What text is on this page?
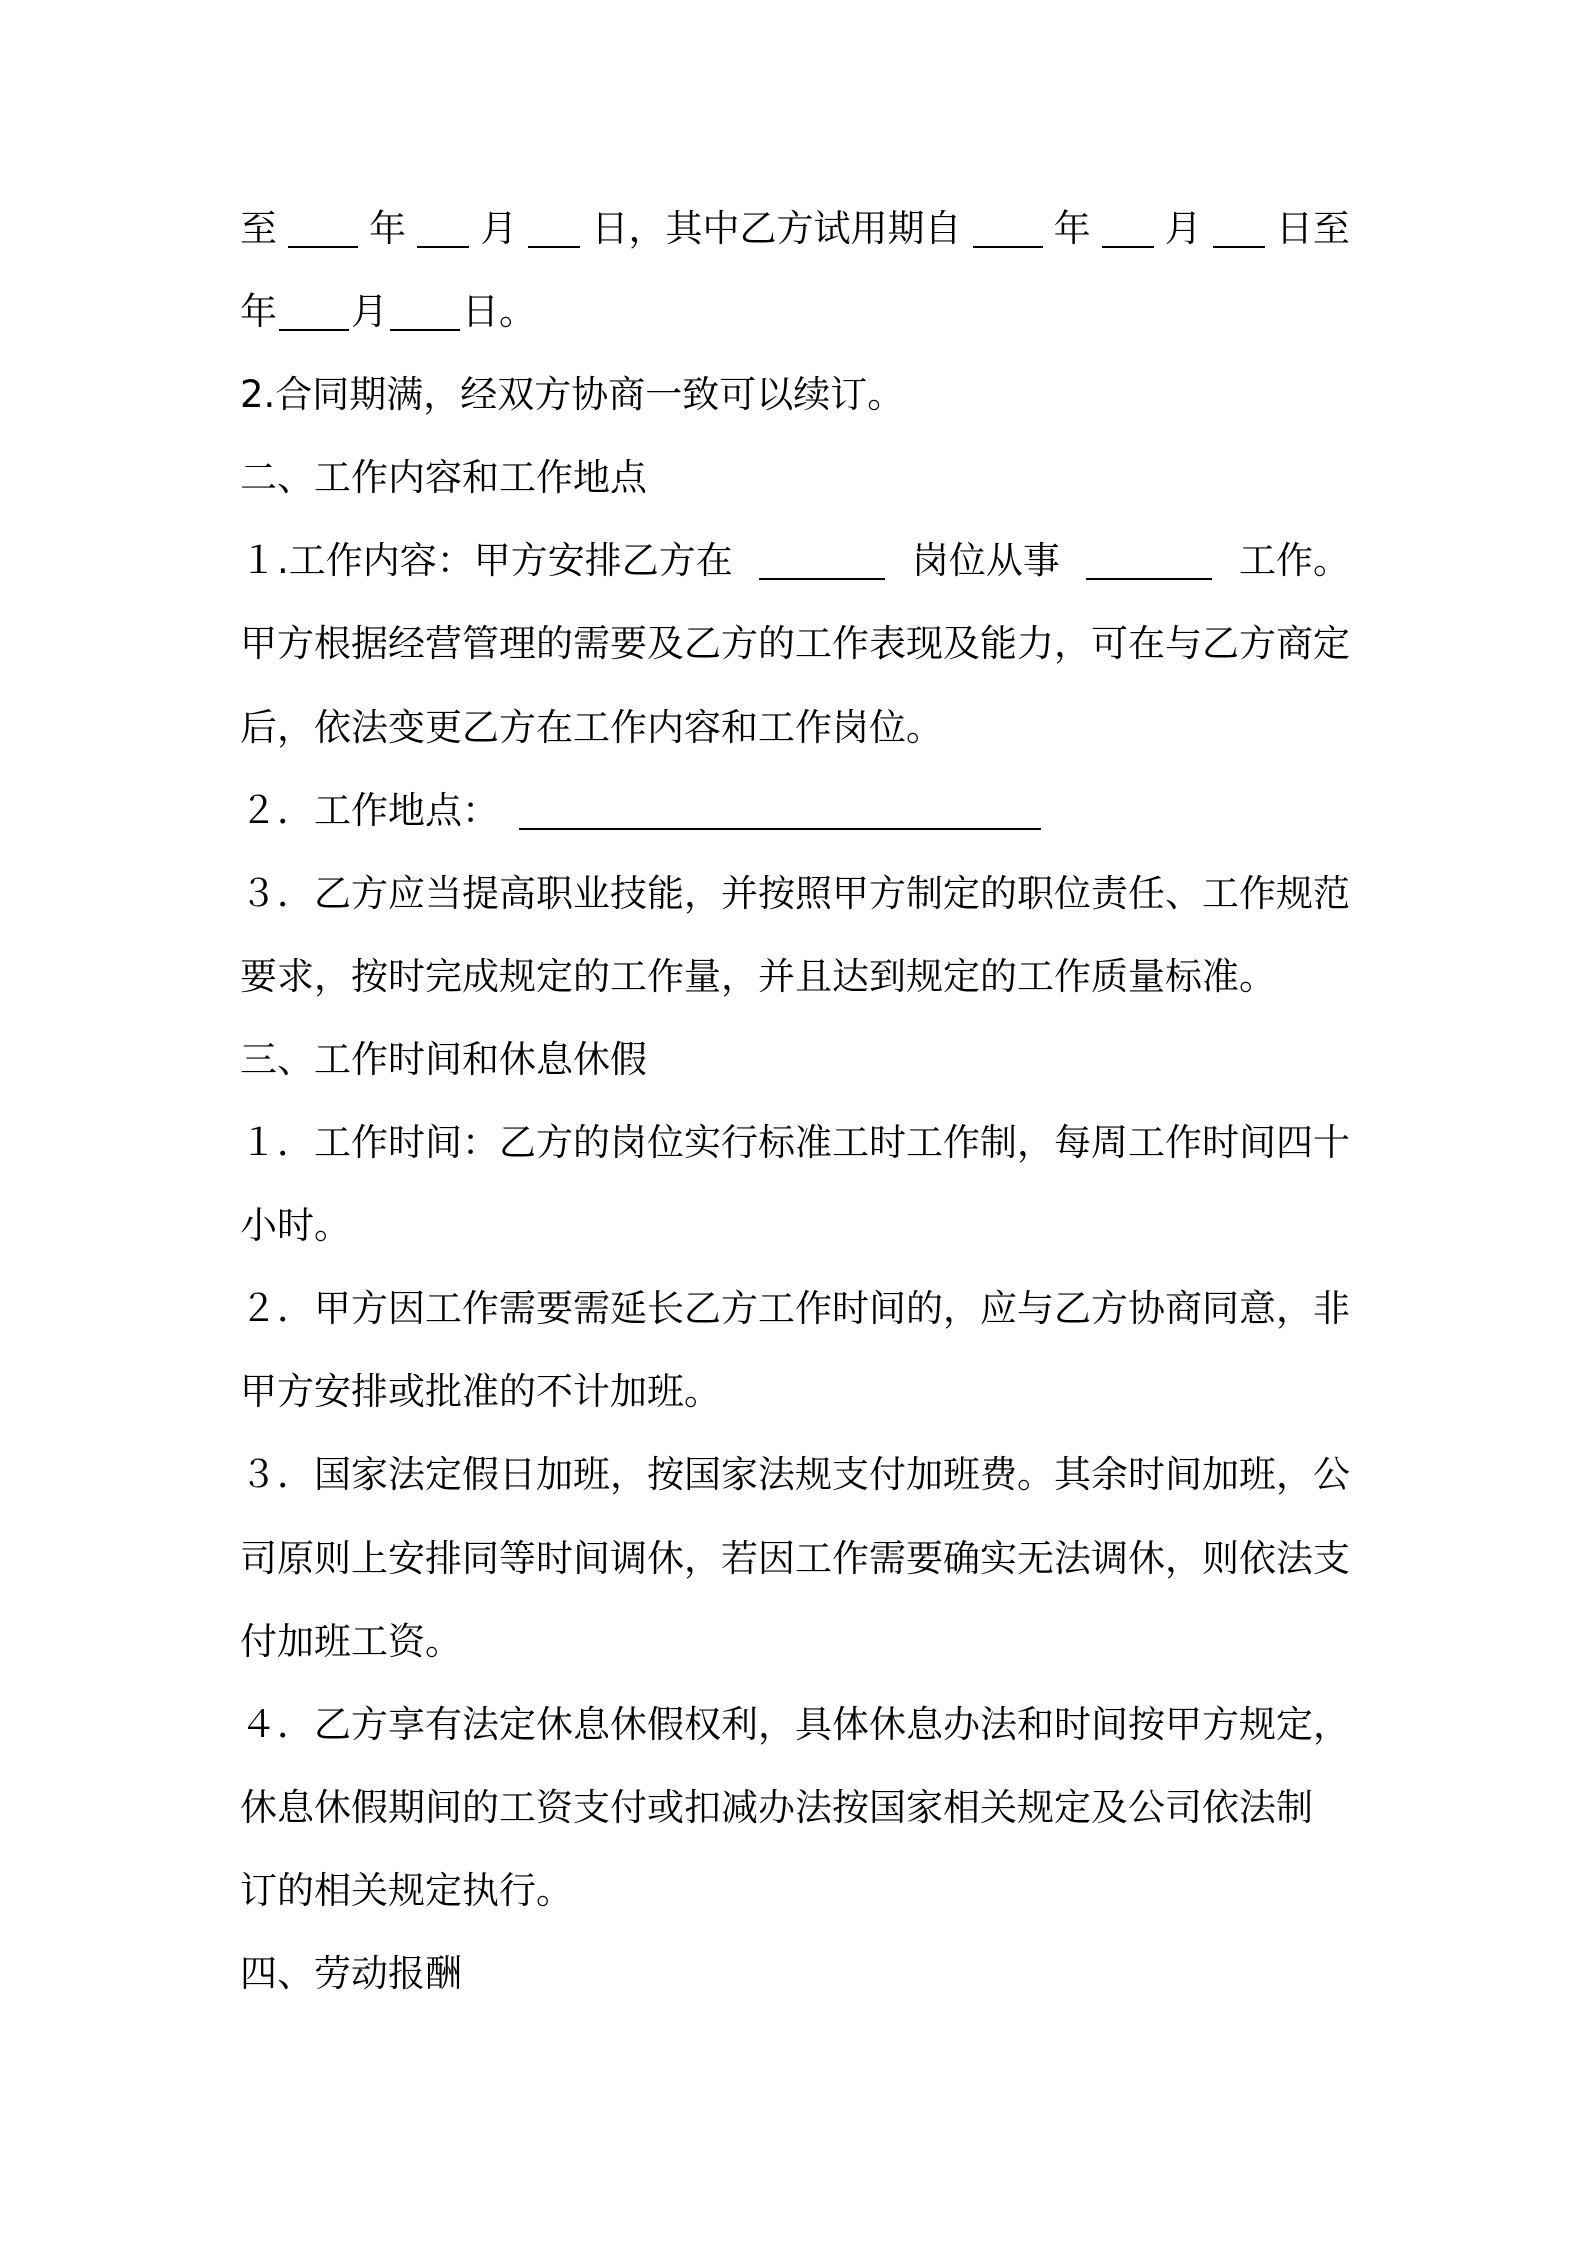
至 年 月 日，其中乙方试用期自 年 月 日至
年 月 日。
2.合同期满，经双方协商一致可以续订。
二、工作内容和工作地点
１.工作内容：甲方安排乙方在	岗位从事	工作。
甲方根据经营管理的需要及乙方的工作表现及能力，可在与乙方商定
后，依法变更乙方在工作内容和工作岗位。
２．工作地点：
３．乙方应当提高职业技能，并按照甲方制定的职位责任、工作规范
要求，按时完成规定的工作量，并且达到规定的工作质量标准。
三、工作时间和休息休假
１．工作时间：乙方的岗位实行标准工时工作制，每周工作时间四十
小时。
２．甲方因工作需要需延长乙方工作时间的，应与乙方协商同意，非
甲方安排或批准的不计加班。
３．国家法定假日加班，按国家法规支付加班费。其余时间加班，公
司原则上安排同等时间调休，若因工作需要确实无法调休，则依法支
付加班工资。
４．乙方享有法定休息休假权利，具体休息办法和时间按甲方规定，
休息休假期间的工资支付或扣减办法按国家相关规定及公司依法制
订的相关规定执行。
四、劳动报酬
